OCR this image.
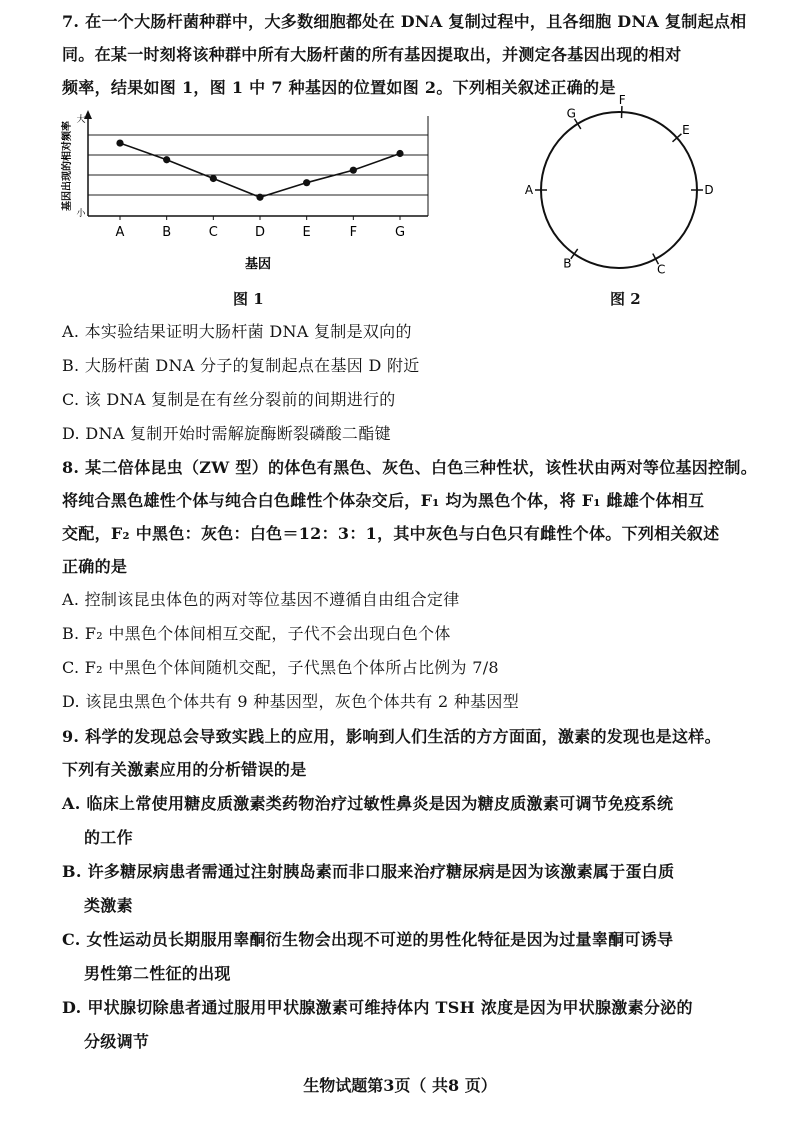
7. 在一个大肠杆菌种群中，大多数细胞都处在 DNA 复制过程中，且各细胞 DNA 复制起点相
同。在某一时刻将该种群中所有大肠杆菌的所有基因提取出，并测定各基因出现的相对
频率，结果如图 1，图 1 中 7 种基因的位置如图 2。下列相关叙述正确的是
大
小
基因出现的相对频率
A	B	C	D	E	F	G
基因
图 1
F
E
D
C
B
A
G
图 2
A. 本实验结果证明大肠杆菌 DNA 复制是双向的
B. 大肠杆菌 DNA 分子的复制起点在基因 D 附近
C. 该 DNA 复制是在有丝分裂前的间期进行的
D. DNA 复制开始时需解旋酶断裂磷酸二酯键
8. 某二倍体昆虫（ZW 型）的体色有黑色、灰色、白色三种性状，该性状由两对等位基因控制。
将纯合黑色雄性个体与纯合白色雌性个体杂交后，F₁ 均为黑色个体，将 F₁ 雌雄个体相互
交配，F₂ 中黑色：灰色：白色＝12：3：1，其中灰色与白色只有雌性个体。下列相关叙述
正确的是
A. 控制该昆虫体色的两对等位基因不遵循自由组合定律
B. F₂ 中黑色个体间相互交配，子代不会出现白色个体
C. F₂ 中黑色个体间随机交配，子代黑色个体所占比例为 7/8
D. 该昆虫黑色个体共有 9 种基因型，灰色个体共有 2 种基因型
9. 科学的发现总会导致实践上的应用，影响到人们生活的方方面面，激素的发现也是这样。
下列有关激素应用的分析错误的是
A. 临床上常使用糖皮质激素类药物治疗过敏性鼻炎是因为糖皮质激素可调节免疫系统
的工作
B. 许多糖尿病患者需通过注射胰岛素而非口服来治疗糖尿病是因为该激素属于蛋白质
类激素
C. 女性运动员长期服用睾酮衍生物会出现不可逆的男性化特征是因为过量睾酮可诱导
男性第二性征的出现
D. 甲状腺切除患者通过服用甲状腺激素可维持体内 TSH 浓度是因为甲状腺激素分泌的
分级调节
生物试题第3页（ 共8 页）
